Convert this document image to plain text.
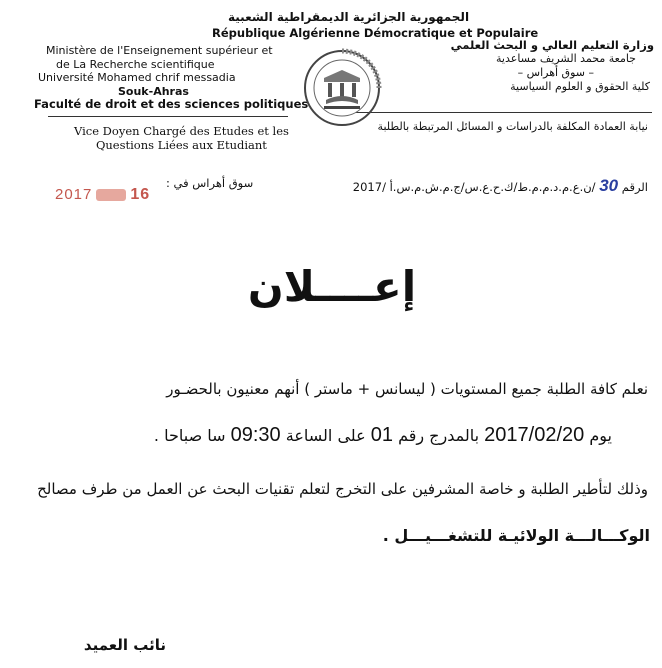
الجمهورية الجزائرية الديمقراطية الشعبية
République Algérienne Démocratique et Populaire
Ministère de l'Enseignement supérieur et
de La Recherche scientifique
Université Mohamed chrif messadia
Souk-Ahras
Faculté de droit et des sciences politiques
Vice Doyen Chargé des Etudes et les
Questions Liées aux Etudiant
وزارة التعليم العالي و البحث العلمي
جامعة محمد الشريف مساعدية
– سوق أهراس –
كلية الحقوق و العلوم السياسية
نيابة العمادة المكلفة بالدراسات و المسائل المرتبطة بالطلبة
الرقم 30 /ن.ع.م.د.م.م.ط/ك.ح.ع.س/ج.م.ش.م.س.أ /2017
سوق أهراس في :
2017 16
إعــــلان
نعلم كافة الطلبة جميع المستويات ( ليسانس + ماستر ) أنهم معنيون بالحضـور
يوم 2017/02/20 بالمدرج رقم 01 على الساعة 09:30 سا صباحا .
وذلك لتأطير الطلبة و خاصة المشرفين على التخرج لتعلم تقنيات البحث عن العمل من طرف مصالح
الوكـــالـــة الولائيـة للتشغـــيـــل .
نائب العميد
